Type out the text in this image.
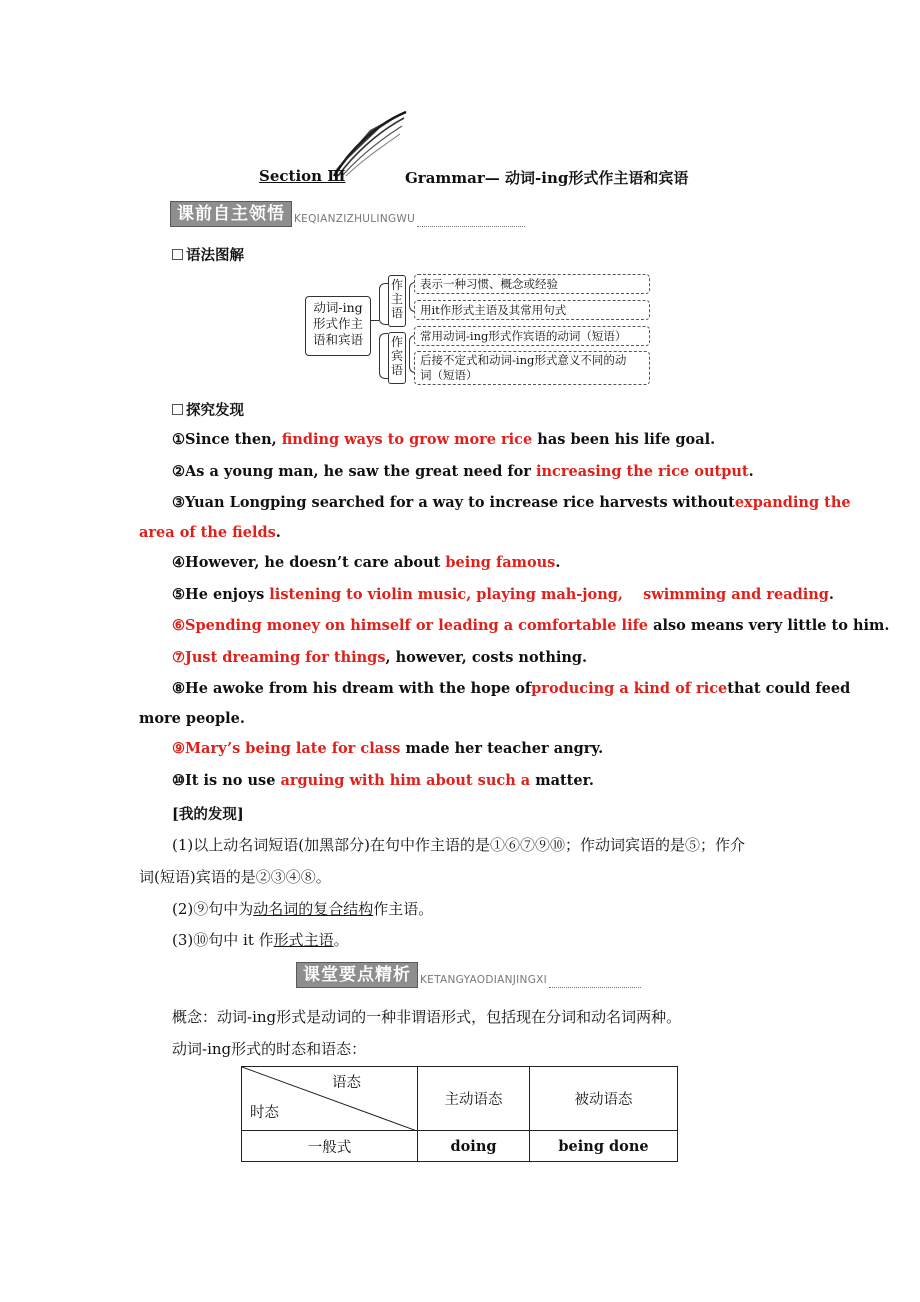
Section Ⅲ	Grammar— 动词-ing形式作主语和宾语
课前自主领悟 KEQIANZIZHULINGWU
语法图解
动词-ing
形式作主
语和宾语
作主语
作宾语
表示一种习惯、概念或经验
用it作形式主语及其常用句式
常用动词-ing形式作宾语的动词（短语）
后接不定式和动词-ing形式意义不同的动
词（短语）
探究发现
①Since then, finding ways to grow more rice has been his life goal.
②As a young man, he saw the great need for increasing the rice output.
③Yuan Longping searched for a way to increase rice harvests without expanding the
area of the fields.
④However, he doesn’t care about being famous.
⑤He enjoys listening to violin music, playing mah-jong,    swimming and reading.
⑥Spending money on himself or leading a comfortable life also means very little to him.
⑦Just dreaming for things, however, costs nothing.
⑧He awoke from his dream with the hope of producing a kind of rice that could feed
more people.
⑨Mary’s being late for class made her teacher angry.
⑩It is no use arguing with him about such a matter.
[我的发现]
(1)以上动名词短语(加黑部分)在句中作主语的是①⑥⑦⑨⑩；作动词宾语的是⑤；作介
词(短语)宾语的是②③④⑧。
(2)⑨句中为动名词的复合结构作主语。
(3)⑩句中 it 作形式主语。
课堂要点精析 KETANGYAODIANJINGXI
概念：动词-ing形式是动词的一种非谓语形式，包括现在分词和动名词两种。
动词-ing形式的时态和语态：
语态
时态	主动语态	被动语态
一般式	doing	being done
